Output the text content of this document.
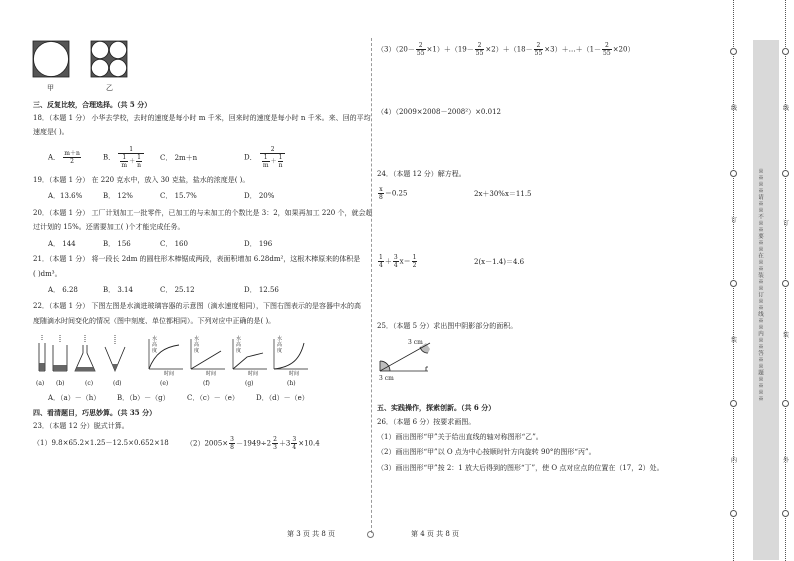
甲	乙
三、反复比较，合理选择。（共 5 分）
18．（本题 1 分） 小华去学校，去时的速度是每小时 m 千米，回来时的速度是每小时 n 千米。来、回的平均
速度是( )。
A． $\frac{m+n}{2}$	B． $\frac{1}{\frac{1}{m} + \frac{1}{n}}$ C． 2m＋n	D． $\frac{2}{\frac{1}{m} + \frac{1}{n}}$
19．（本题 1 分） 在 220 克水中，放入 30 克盐，盐水的浓度是( )。
A．13.6%	B． 12%	C． 15.7%	D． 20%
20．（本题 1 分） 工厂计划加工一批零件，已加工的与未加工的个数比是 3：2，如果再加工 220 个，就会超
过计划的 15%。还需要加工( )个才能完成任务。
A． 144	B． 156	C． 160	D． 196
21．（本题 1 分） 将一段长 2dm 的圆柱形木棒锯成两段，表面积增加 6.28dm²，这根木棒原来的体积是
( )dm³。
A． 6.28	B． 3.14	C． 25.12	D． 12.56
22．（本题 1 分） 下图左图是水滴进玻璃容器的示意图（滴水速度相同），下图右图表示的是容器中水的高
度随滴水时间变化的情况（图中刻度、单位都相同）。下列对应中正确的是( )。
(a) (b)	(c)	(d)
水高度
水高度
水高度
水高度
时间	时间	时间	时间
(e)	(f)	(g)	(h)
A．（a）－（h） B．（b）－（g） C．（c）－（e） D．（d）－（e）
四、看清题目，巧思妙算。（共 35 分）
23．（本题 12 分）脱式计算。
（1）9.8×65.2×1.25－12.5×0.652×18 $(2)2005\times \frac{3}{8} -1949\div 2 \frac{2}{3} +3 \frac{3}{4} \times 10.4$
$(3)(20- \frac{2}{55} \times 1)+(19- \frac{2}{55} \times 2)+(18- \frac{2}{55}$ ×3）＋…＋（1－ $\frac{2}{55} \times 20$）
（4）（2009×2008－2008²）×0.012
24．（本题 12 分）解方程。
$\frac{x}{8} =0.25$	2x＋30%x＝11.5
$\frac{1}{4} + \frac{3}{4} x= \frac{1}{2}$	2(x－1.4)＝4.6
25．（本题 5 分）求出图中阴影部分的面积。
3 cm
3 cm
五、实践操作，探索创新。（共 6 分）
26．（本题 6 分）按要求画图。
（1）画出图形“甲”关于给出直线的轴对称图形“乙”。
（2）画出图形“甲”以 O 点为中心按顺时针方向旋转 90°的图形“丙”。
（3）画出图形“甲”按 2：1 放大后得到的图形“丁”，使 O 点对应点的位置在（17，2）处。
第 3 页 共 8 页	第 4 页 共 8 页
※※※※请※※不※※要※※在※※装※※订※※线※※内※※答※※题※※※※
线
订
装
线
订
装
内	外
